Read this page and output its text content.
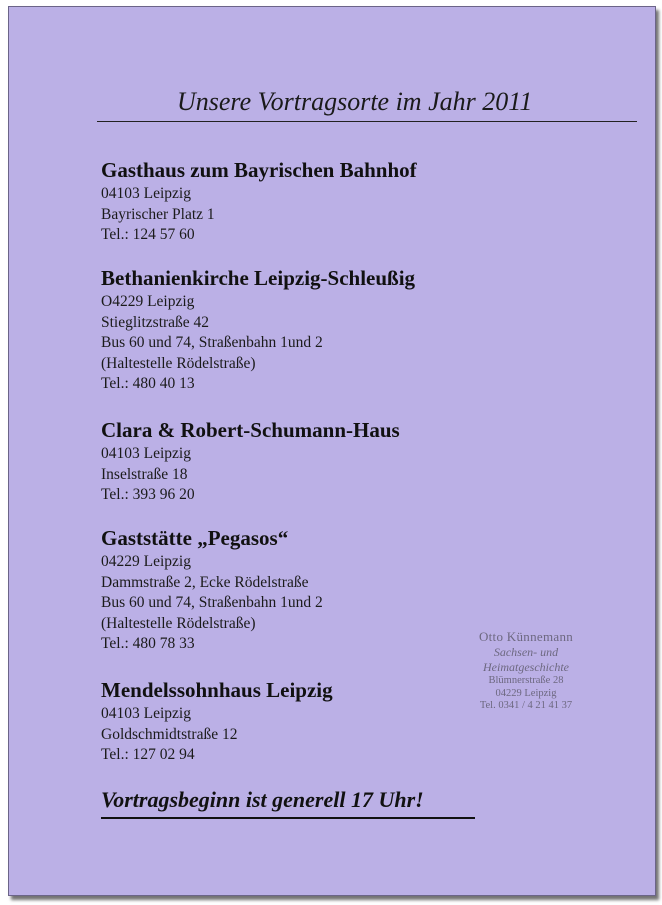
Unsere Vortragsorte im Jahr 2011
Gasthaus zum Bayrischen Bahnhof
04103 Leipzig
Bayrischer Platz 1
Tel.: 124 57 60
Bethanienkirche Leipzig-Schleußig
O4229 Leipzig
Stieglitzstraße 42
Bus 60 und 74, Straßenbahn 1und 2
(Haltestelle Rödelstraße)
Tel.: 480 40 13
Clara & Robert-Schumann-Haus
04103 Leipzig
Inselstraße 18
Tel.: 393 96 20
Gaststätte „Pegasos“
04229 Leipzig
Dammstraße 2, Ecke Rödelstraße
Bus 60 und 74, Straßenbahn 1und 2
(Haltestelle Rödelstraße)
Tel.: 480 78 33
Mendelssohnhaus Leipzig
04103 Leipzig
Goldschmidtstraße 12
Tel.: 127 02 94
Otto Künnemann
Sachsen- und
Heimatgeschichte
Blümnerstraße 28
04229 Leipzig
Tel. 0341 / 4 21 41 37
Vortragsbeginn ist generell 17 Uhr!
